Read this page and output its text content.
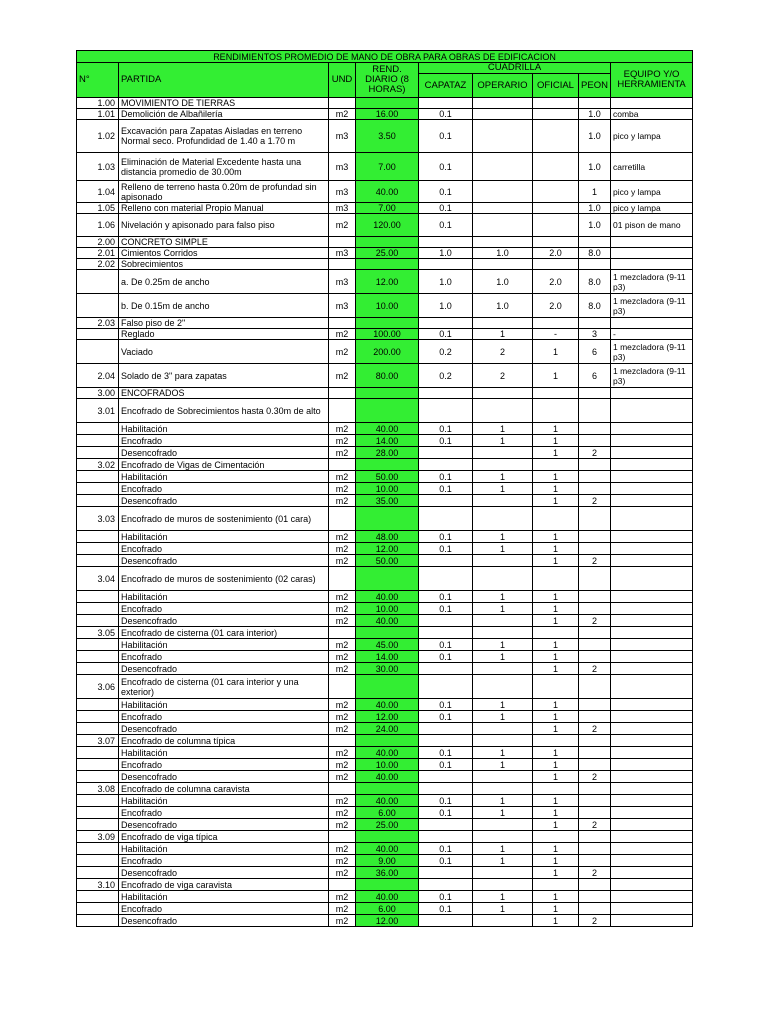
RENDIMIENTOS PROMEDIO DE MANO DE OBRA PARA OBRAS DE EDIFICACION								
N°	PARTIDA	UND	REND. DIARIO (8 HORAS)	CUADRILLA				EQUIPO Y/O HERRAMIENTA
				CAPATAZ	OPERARIO	OFICIAL	PEON	
1.00	MOVIMIENTO DE TIERRAS							
1.01	Demolición de Albañilería	m2	16.00	0.1			1.0	comba
1.02	Excavación para Zapatas Aisladas en terreno Normal seco. Profundidad de 1.40 a 1.70 m	m3	3.50	0.1			1.0	pico y lampa
1.03	Eliminación de Material Excedente hasta una distancia promedio de 30.00m	m3	7.00	0.1			1.0	carretilla
1.04	Relleno de terreno hasta 0.20m de profundad sin apisonado	m3	40.00	0.1			1	pico y lampa
1.05	Relleno con material Propio Manual	m3	7.00	0.1			1.0	pico y lampa
1.06	Nivelación y apisonado para falso piso	m2	120.00	0.1			1.0	01 pison de mano
2.00	CONCRETO SIMPLE							
2.01	Cimientos Corridos	m3	25.00	1.0	1.0	2.0	8.0	
2.02	Sobrecimientos							
	a. De 0.25m de ancho	m3	12.00	1.0	1.0	2.0	8.0	1 mezcladora (9-11 p3)
	b. De 0.15m de ancho	m3	10.00	1.0	1.0	2.0	8.0	1 mezcladora (9-11 p3)
2.03	Falso piso de 2"							
	Reglado	m2	100.00	0.1	1	-	3	-
	Vaciado	m2	200.00	0.2	2	1	6	1 mezcladora (9-11 p3)
2.04	Solado de 3" para zapatas	m2	80.00	0.2	2	1	6	1 mezcladora (9-11 p3)
3.00	ENCOFRADOS							
3.01	Encofrado de Sobrecimientos hasta 0.30m de alto							
	Habilitación	m2	40.00	0.1	1	1		
	Encofrado	m2	14.00	0.1	1	1		
	Desencofrado	m2	28.00			1	2	
3.02	Encofrado de Vigas de Cimentación							
	Habilitación	m2	50.00	0.1	1	1		
	Encofrado	m2	10.00	0.1	1	1		
	Desencofrado	m2	35.00			1	2	
3.03	Encofrado de muros de sostenimiento (01 cara)							
	Habilitación	m2	48.00	0.1	1	1		
	Encofrado	m2	12.00	0.1	1	1		
	Desencofrado	m2	50.00			1	2	
3.04	Encofrado de muros de sostenimiento (02 caras)							
	Habilitación	m2	40.00	0.1	1	1		
	Encofrado	m2	10.00	0.1	1	1		
	Desencofrado	m2	40.00			1	2	
3.05	Encofrado de cisterna (01 cara interior)							
	Habilitación	m2	45.00	0.1	1	1		
	Encofrado	m2	14.00	0.1	1	1		
	Desencofrado	m2	30.00			1	2	
3.06	Encofrado de cisterna (01 cara interior y una exterior)							
	Habilitación	m2	40.00	0.1	1	1		
	Encofrado	m2	12.00	0.1	1	1		
	Desencofrado	m2	24.00			1	2	
3.07	Encofrado de columna típica							
	Habilitación	m2	40.00	0.1	1	1		
	Encofrado	m2	10.00	0.1	1	1		
	Desencofrado	m2	40.00			1	2	
3.08	Encofrado de columna caravista							
	Habilitación	m2	40.00	0.1	1	1		
	Encofrado	m2	6.00	0.1	1	1		
	Desencofrado	m2	25.00			1	2	
3.09	Encofrado de viga típica							
	Habilitación	m2	40.00	0.1	1	1		
	Encofrado	m2	9.00	0.1	1	1		
	Desencofrado	m2	36.00			1	2	
3.10	Encofrado de viga caravista							
	Habilitación	m2	40.00	0.1	1	1		
	Encofrado	m2	6.00	0.1	1	1		
	Desencofrado	m2	12.00			1	2	
